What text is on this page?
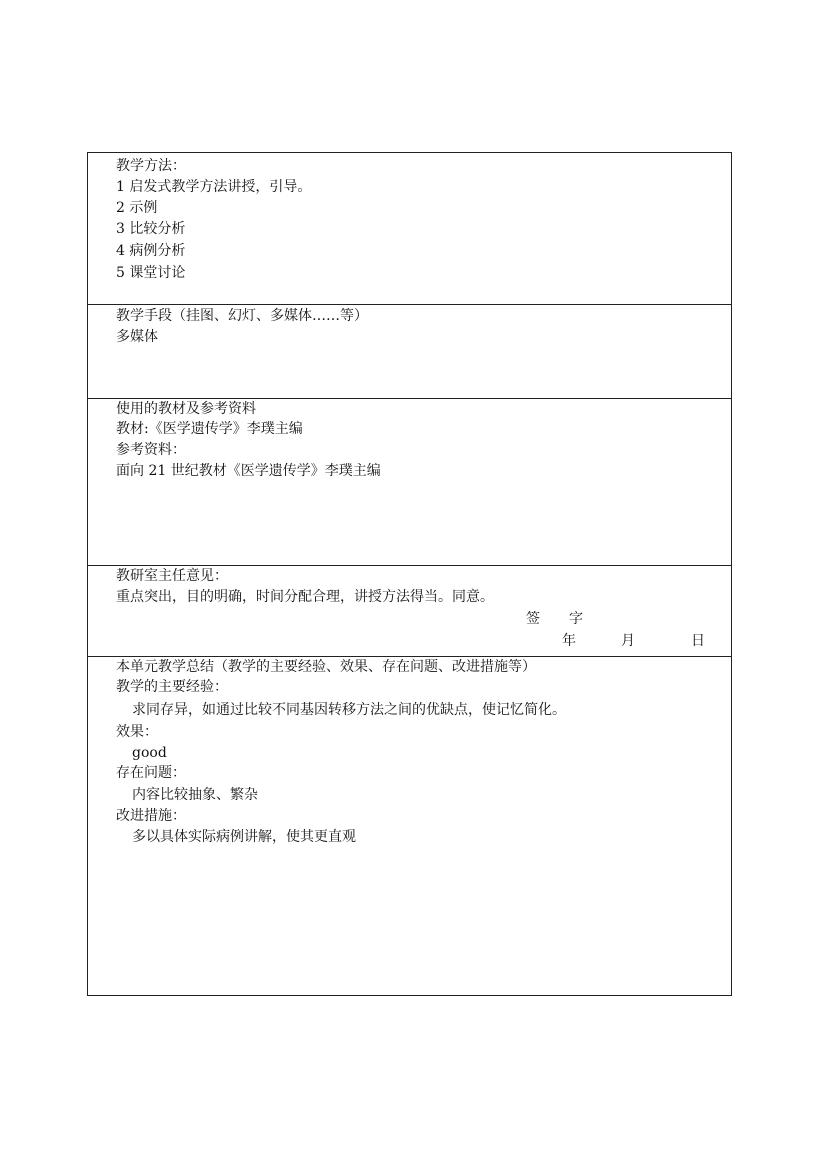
教学方法：
1 启发式教学方法讲授，引导。
2 示例
3 比较分析
4 病例分析
5 课堂讨论
教学手段（挂图、幻灯、多媒体……等）
多媒体
使用的教材及参考资料
教材:《医学遗传学》李璞主编
参考资料：
面向 21 世纪教材《医学遗传学》李璞主编
教研室主任意见：
重点突出，目的明确，时间分配合理，讲授方法得当。同意。
签 字
年	月	日
本单元教学总结（教学的主要经验、效果、存在问题、改进措施等）
教学的主要经验：
求同存异，如通过比较不同基因转移方法之间的优缺点，使记忆简化。
效果：
good
存在问题：
内容比较抽象、繁杂
改进措施：
多以具体实际病例讲解，使其更直观
